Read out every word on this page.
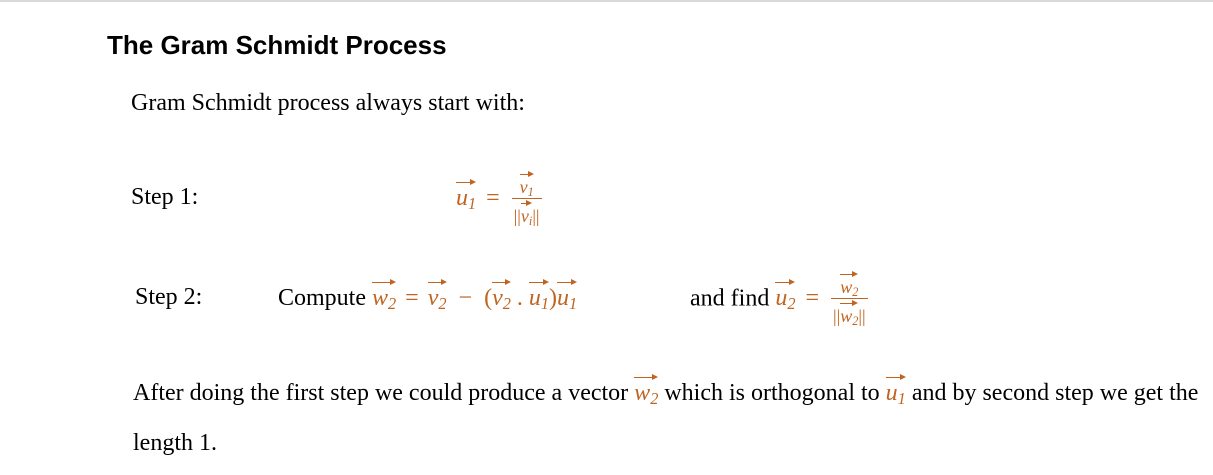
The Gram Schmidt Process
Gram Schmidt process always start with:
Step 1:	$u_1 = \frac{v_1}{||v_i||}$
Step 2:	Compute $w_2 = v_2 - (v_2$ . $u_1)u_1$	and find $u_2 = \frac{w_2}{||w_2||}$
After doing the first step we could produce a vector $w_2$ which is orthogonal to $u_1$ and by second step we get the length 1.
